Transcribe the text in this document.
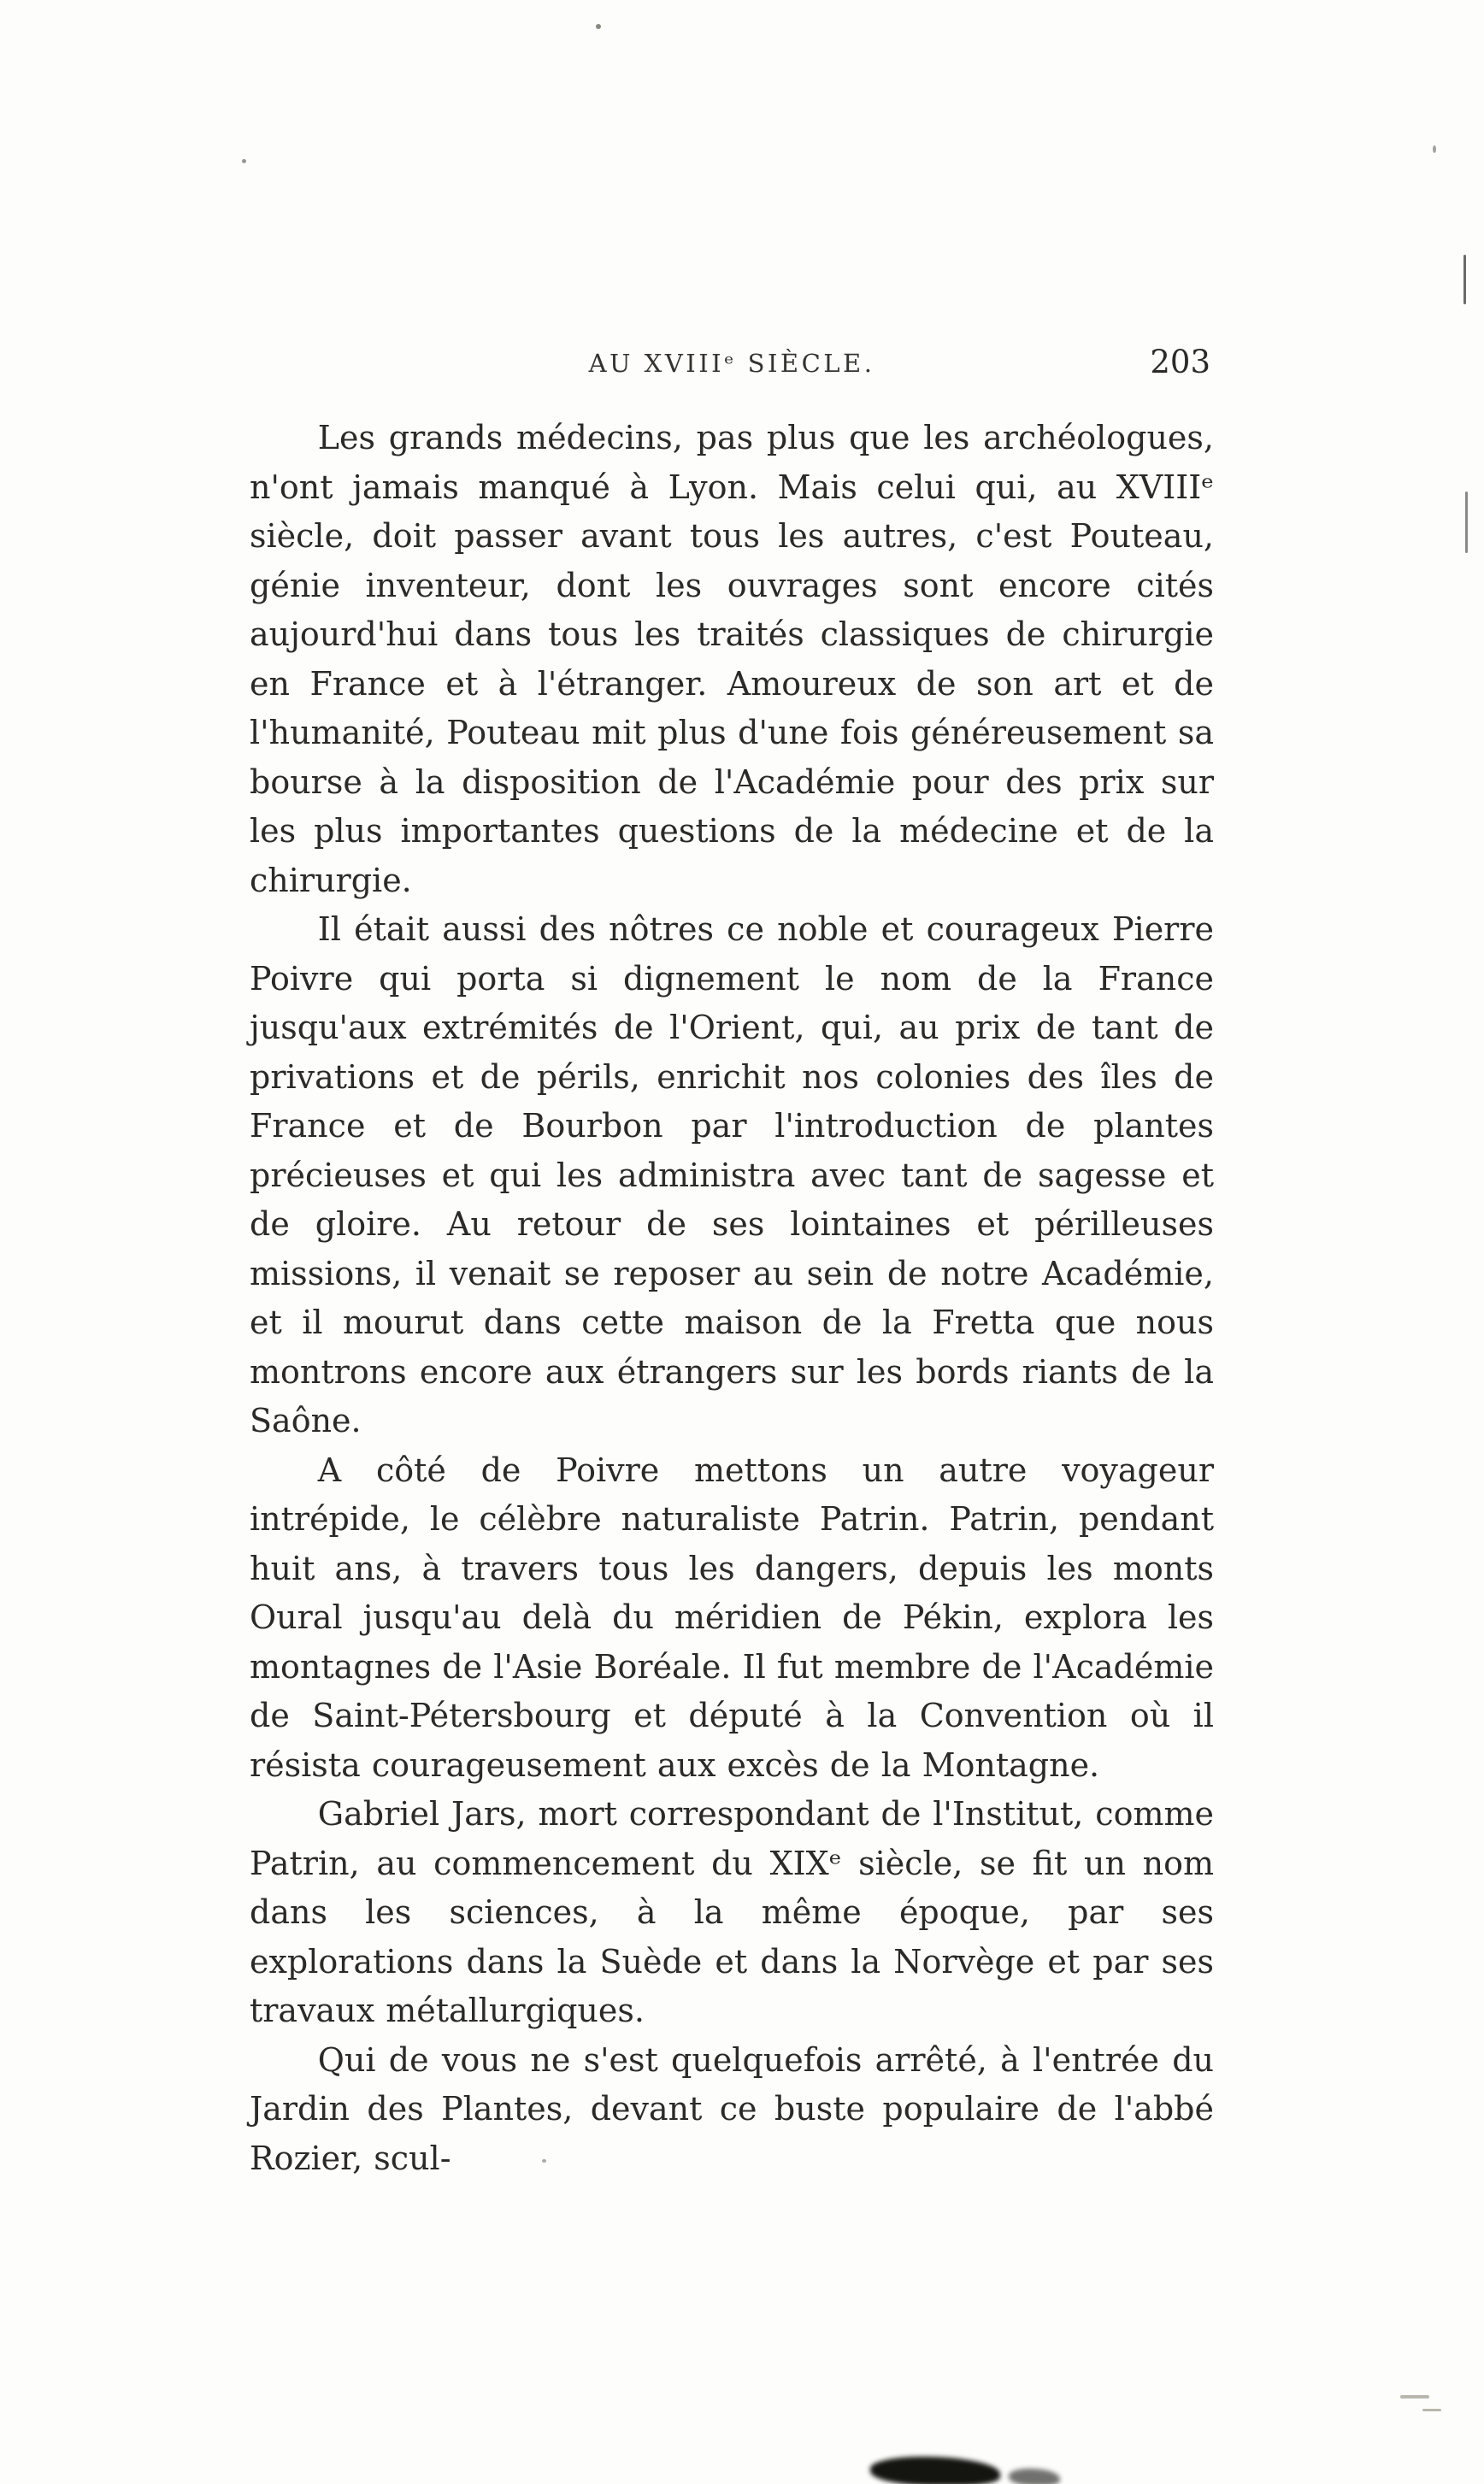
AU XVIIIᵉ SIÈCLE.	203

Les grands médecins, pas plus que les archéologues, n'ont jamais manqué à Lyon. Mais celui qui, au XVIIIᵉ siècle, doit passer avant tous les autres, c'est Pouteau, génie inventeur, dont les ouvrages sont encore cités aujourd'hui dans tous les traités classiques de chirurgie en France et à l'étranger. Amoureux de son art et de l'humanité, Pouteau mit plus d'une fois généreusement sa bourse à la disposition de l'Académie pour des prix sur les plus importantes questions de la médecine et de la chirurgie.

Il était aussi des nôtres ce noble et courageux Pierre Poivre qui porta si dignement le nom de la France jusqu'aux extrémités de l'Orient, qui, au prix de tant de privations et de périls, enrichit nos colonies des îles de France et de Bourbon par l'introduction de plantes précieuses et qui les administra avec tant de sagesse et de gloire. Au retour de ses lointaines et périlleuses missions, il venait se reposer au sein de notre Académie, et il mourut dans cette maison de la Fretta que nous montrons encore aux étrangers sur les bords riants de la Saône.

A côté de Poivre mettons un autre voyageur intrépide, le célèbre naturaliste Patrin. Patrin, pendant huit ans, à travers tous les dangers, depuis les monts Oural jusqu'au delà du méridien de Pékin, explora les montagnes de l'Asie Boréale. Il fut membre de l'Académie de Saint-Pétersbourg et député à la Convention où il résista courageusement aux excès de la Montagne.

Gabriel Jars, mort correspondant de l'Institut, comme Patrin, au commencement du XIXᵉ siècle, se fit un nom dans les sciences, à la même époque, par ses explorations dans la Suède et dans la Norvège et par ses travaux métallurgiques.

Qui de vous ne s'est quelquefois arrêté, à l'entrée du Jardin des Plantes, devant ce buste populaire de l'abbé Rozier, scul-
